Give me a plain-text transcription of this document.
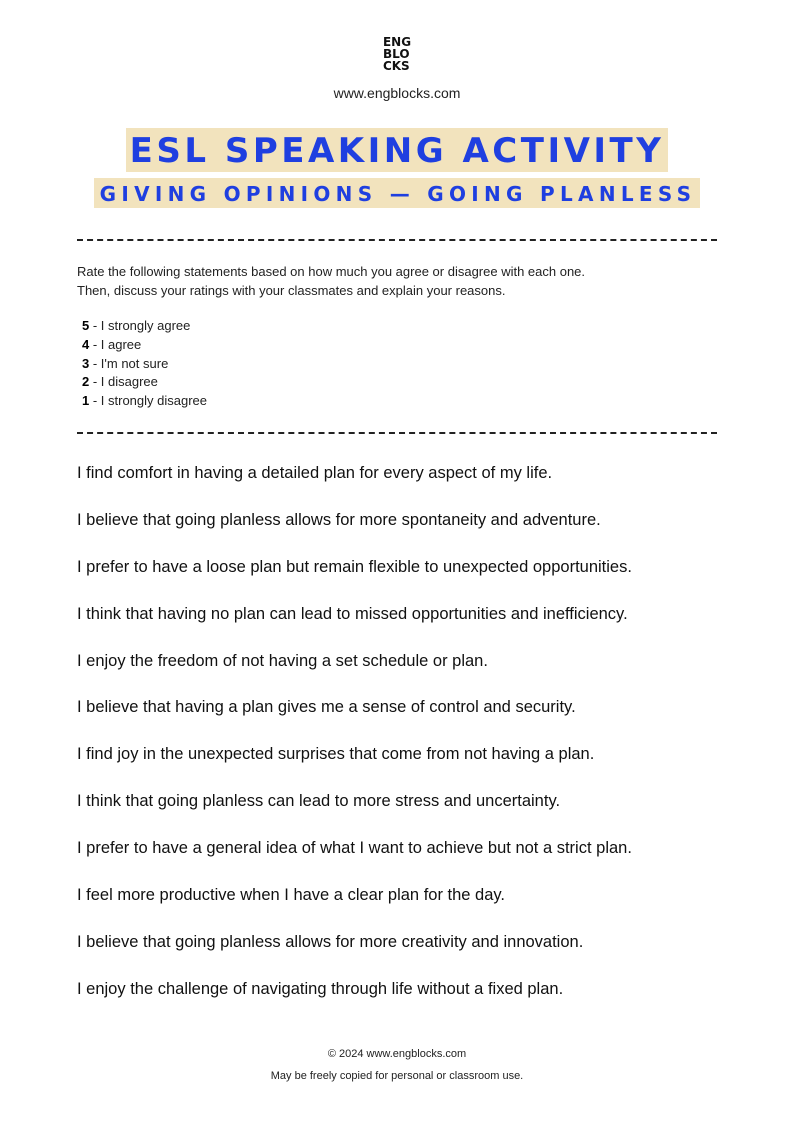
ENG
BLO
CKS
www.engblocks.com
ESL SPEAKING ACTIVITY
GIVING OPINIONS — GOING PLANLESS

Rate the following statements based on how much you agree or disagree with each one.

Then, discuss your ratings with your classmates and explain your reasons.

5 - I strongly agree
4 - I agree
3 - I'm not sure
2 - I disagree
1 - I strongly disagree
I find comfort in having a detailed plan for every aspect of my life.
I believe that going planless allows for more spontaneity and adventure.
I prefer to have a loose plan but remain flexible to unexpected opportunities.
I think that having no plan can lead to missed opportunities and inefficiency.
I enjoy the freedom of not having a set schedule or plan.
I believe that having a plan gives me a sense of control and security.
I find joy in the unexpected surprises that come from not having a plan.
I think that going planless can lead to more stress and uncertainty.
I prefer to have a general idea of what I want to achieve but not a strict plan.
I feel more productive when I have a clear plan for the day.
I believe that going planless allows for more creativity and innovation.
I enjoy the challenge of navigating through life without a fixed plan.
© 2024 www.engblocks.com
May be freely copied for personal or classroom use.
